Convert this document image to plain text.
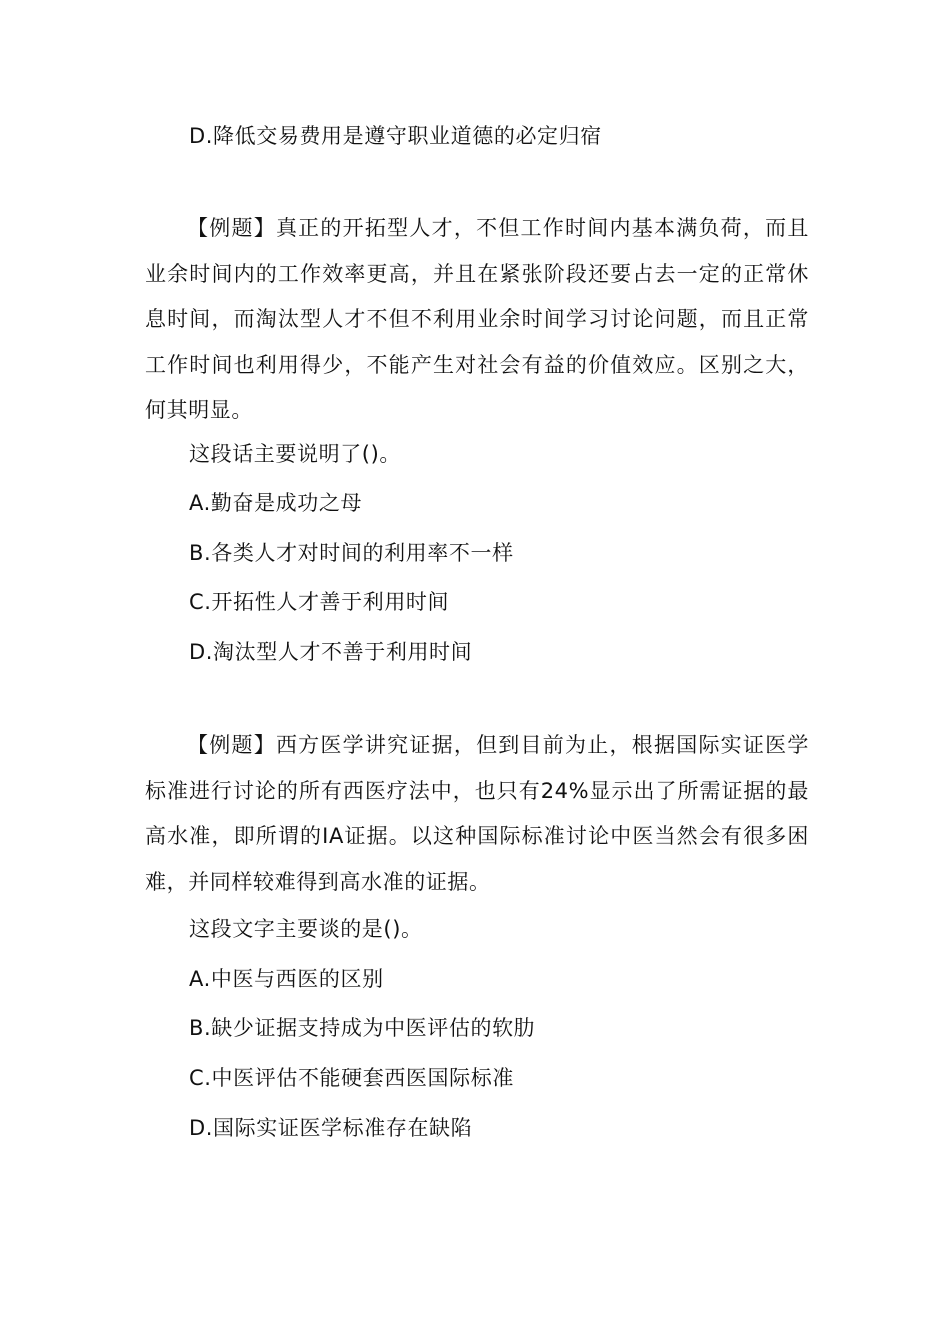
D.降低交易费用是遵守职业道德的必定归宿
【例题】真正的开拓型人才，不但工作时间内基本满负荷，而且业余时间内的工作效率更高，并且在紧张阶段还要占去一定的正常休息时间，而淘汰型人才不但不利用业余时间学习讨论问题，而且正常工作时间也利用得少，不能产生对社会有益的价值效应。区别之大，何其明显。
这段话主要说明了()。
A.勤奋是成功之母
B.各类人才对时间的利用率不一样
C.开拓性人才善于利用时间
D.淘汰型人才不善于利用时间
【例题】西方医学讲究证据，但到目前为止，根据国际实证医学标准进行讨论的所有西医疗法中，也只有24%显示出了所需证据的最高水准，即所谓的IA证据。以这种国际标准讨论中医当然会有很多困难，并同样较难得到高水准的证据。
这段文字主要谈的是()。
A.中医与西医的区别
B.缺少证据支持成为中医评估的软肋
C.中医评估不能硬套西医国际标准
D.国际实证医学标准存在缺陷
